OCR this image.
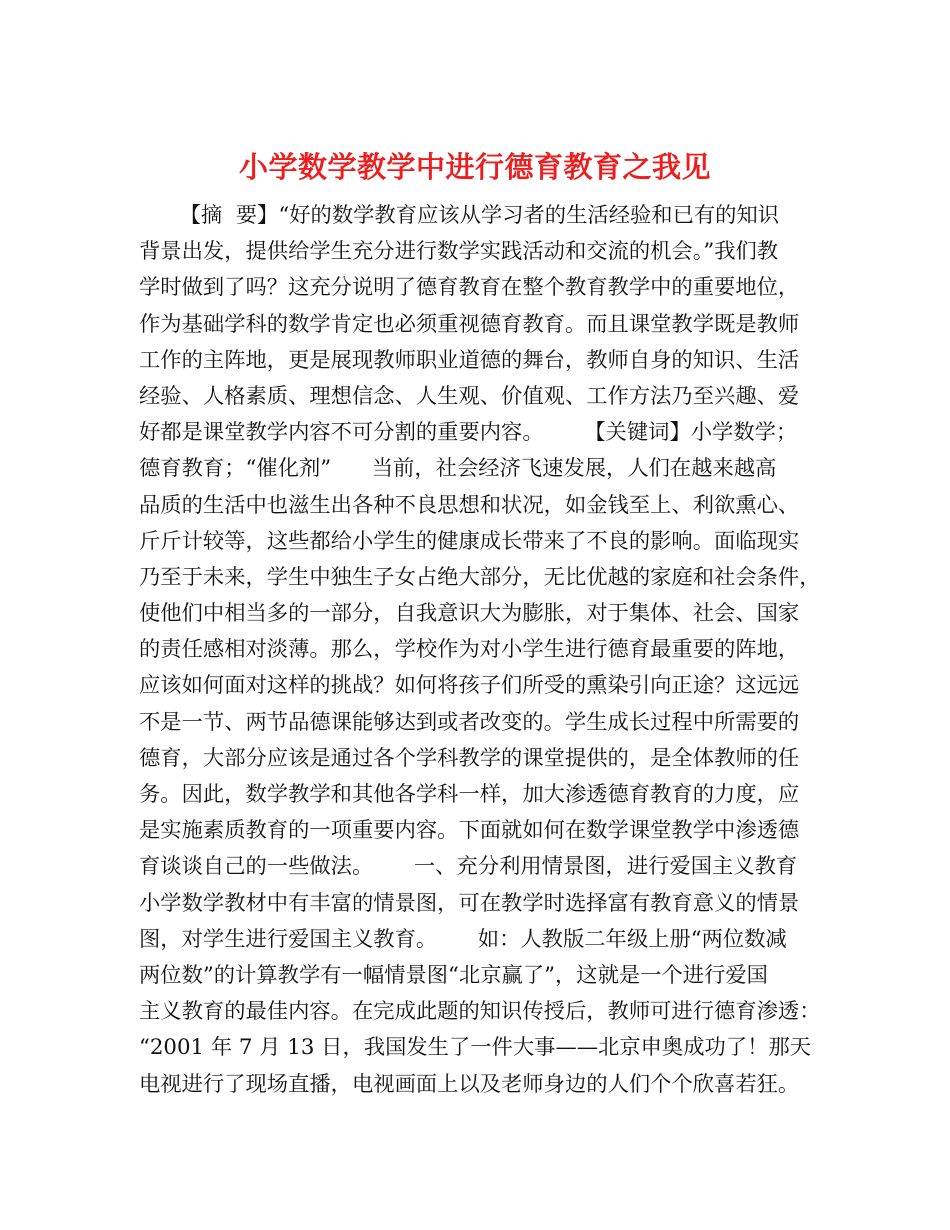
小学数学教学中进行德育教育之我见
【摘  要】“好的数学教育应该从学习者的生活经验和已有的知识
背景出发，提供给学生充分进行数学实践活动和交流的机会。”我们教
学时做到了吗？这充分说明了德育教育在整个教育教学中的重要地位，
作为基础学科的数学肯定也必须重视德育教育。而且课堂教学既是教师
工作的主阵地，更是展现教师职业道德的舞台，教师自身的知识、生活
经验、人格素质、理想信念、人生观、价值观、工作方法乃至兴趣、爱
好都是课堂教学内容不可分割的重要内容。      【关键词】小学数学；
德育教育；“催化剂”      当前，社会经济飞速发展，人们在越来越高
品质的生活中也滋生出各种不良思想和状况，如金钱至上、利欲熏心、
斤斤计较等，这些都给小学生的健康成长带来了不良的影响。面临现实
乃至于未来，学生中独生子女占绝大部分，无比优越的家庭和社会条件，
使他们中相当多的一部分，自我意识大为膨胀，对于集体、社会、国家
的责任感相对淡薄。那么，学校作为对小学生进行德育最重要的阵地，
应该如何面对这样的挑战？如何将孩子们所受的熏染引向正途？这远远
不是一节、两节品德课能够达到或者改变的。学生成长过程中所需要的
德育，大部分应该是通过各个学科教学的课堂提供的，是全体教师的任
务。因此，数学教学和其他各学科一样，加大渗透德育教育的力度，应
是实施素质教育的一项重要内容。下面就如何在数学课堂教学中渗透德
育谈谈自己的一些做法。      一、充分利用情景图，进行爱国主义教育
小学数学教材中有丰富的情景图，可在教学时选择富有教育意义的情景
图，对学生进行爱国主义教育。      如：人教版二年级上册“两位数减
两位数”的计算教学有一幅情景图“北京赢了”，这就是一个进行爱国
主义教育的最佳内容。在完成此题的知识传授后，教师可进行德育渗透：
“2001 年 7 月 13 日，我国发生了一件大事——北京申奥成功了！那天
电视进行了现场直播，电视画面上以及老师身边的人们个个欣喜若狂。
